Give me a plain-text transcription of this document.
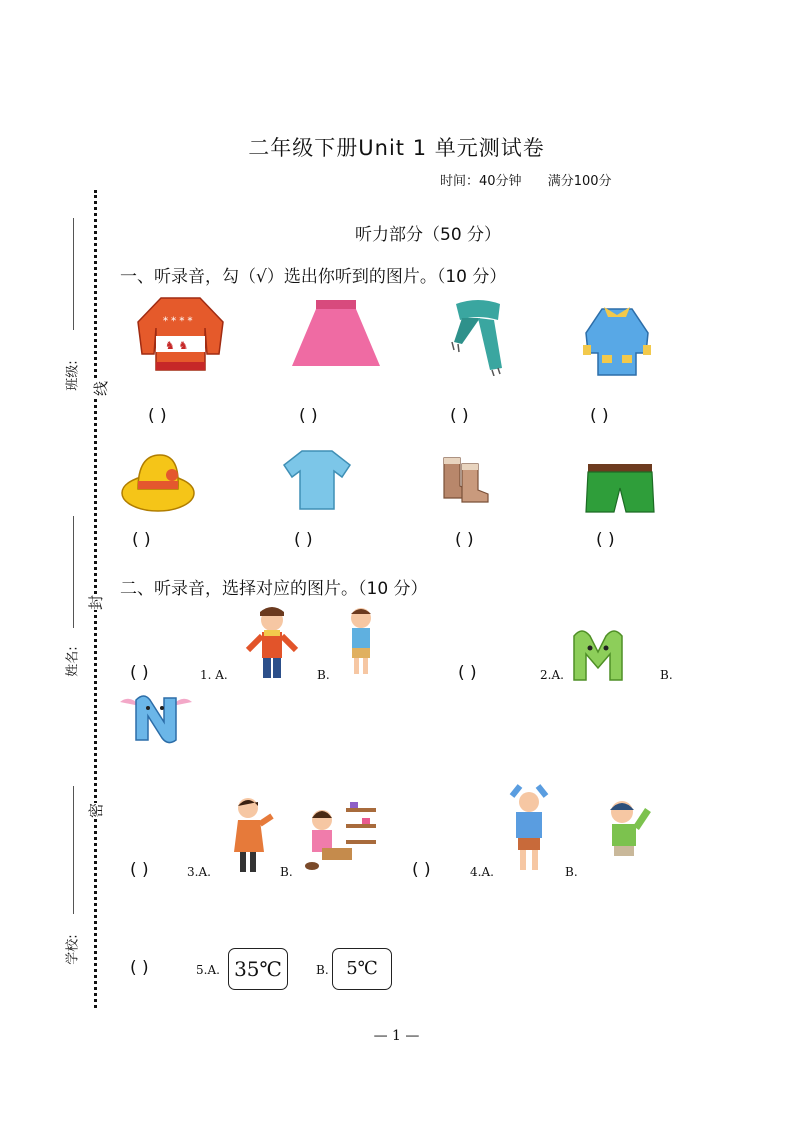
二年级下册Unit 1 单元测试卷
时间：40分钟 满分100分
班级: 线
姓名:
封
学校:
密
听力部分（50 分）
一、听录音，勾（√）选出你听到的图片。（10 分）
* * * *
♞ ♞
( )	( )	( )	( )
( )	( )	( )	( )
二、听录音，选择对应的图片。（10 分）
( )	1. A.	B.	( )	2.A.	B.
( )	3.A.	B.	( )	4.A.	B.
( )	5.A. 35℃	B. 5℃
— 1 —
